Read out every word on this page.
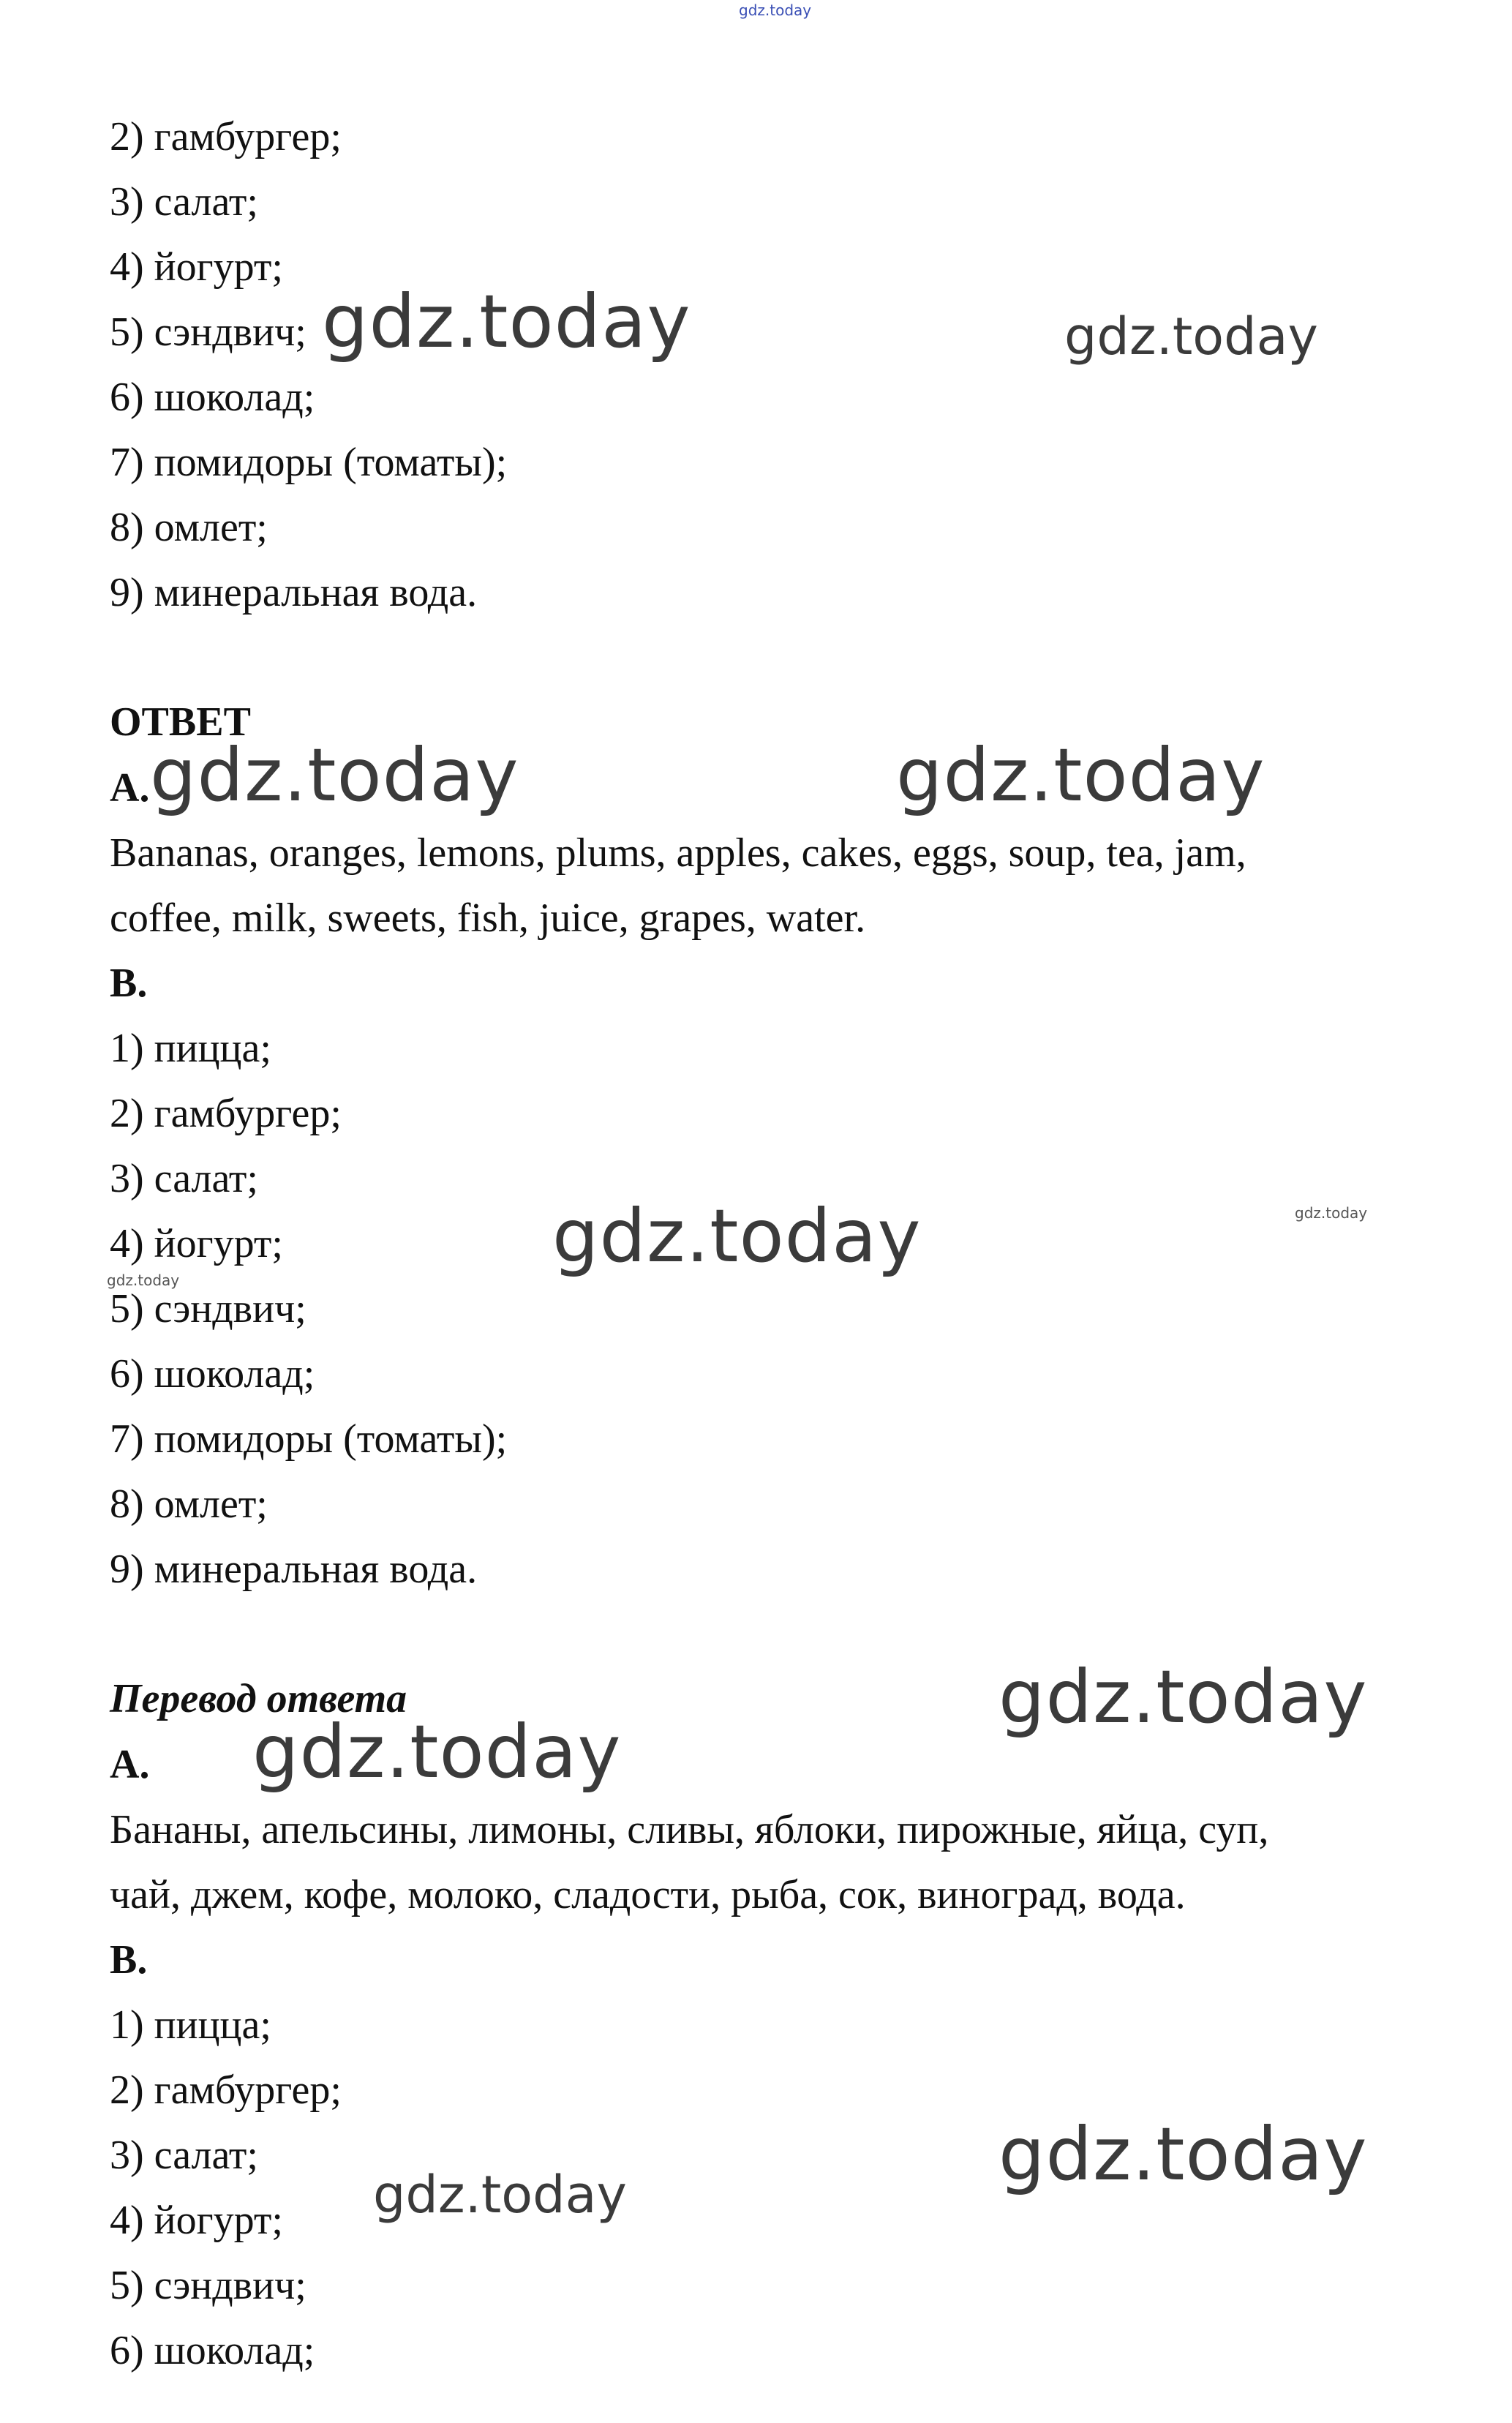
gdz.today
2) гамбургер;
3) салат;
4) йогурт;
5) сэндвич;
6) шоколад;
7) помидоры (томаты);
8) омлет;
9) минеральная вода.
ОТВЕТ
А.
Bananas, oranges, lemons, plums, apples, cakes, eggs, soup, tea, jam,
coffee, milk, sweets, fish, juice, grapes, water.
В.
1) пицца;
2) гамбургер;
3) салат;
4) йогурт;
5) сэндвич;
6) шоколад;
7) помидоры (томаты);
8) омлет;
9) минеральная вода.
Перевод ответа
А.
Бананы, апельсины, лимоны, сливы, яблоки, пирожные, яйца, суп,
чай, джем, кофе, молоко, сладости, рыба, сок, виноград, вода.
В.
1) пицца;
2) гамбургер;
3) салат;
4) йогурт;
5) сэндвич;
6) шоколад;
gdz.today	gdz.today
gdz.today	gdz.today
gdz.today
gdz.today
gdz.today
gdz.today
gdz.today
gdz.today
gdz.today
